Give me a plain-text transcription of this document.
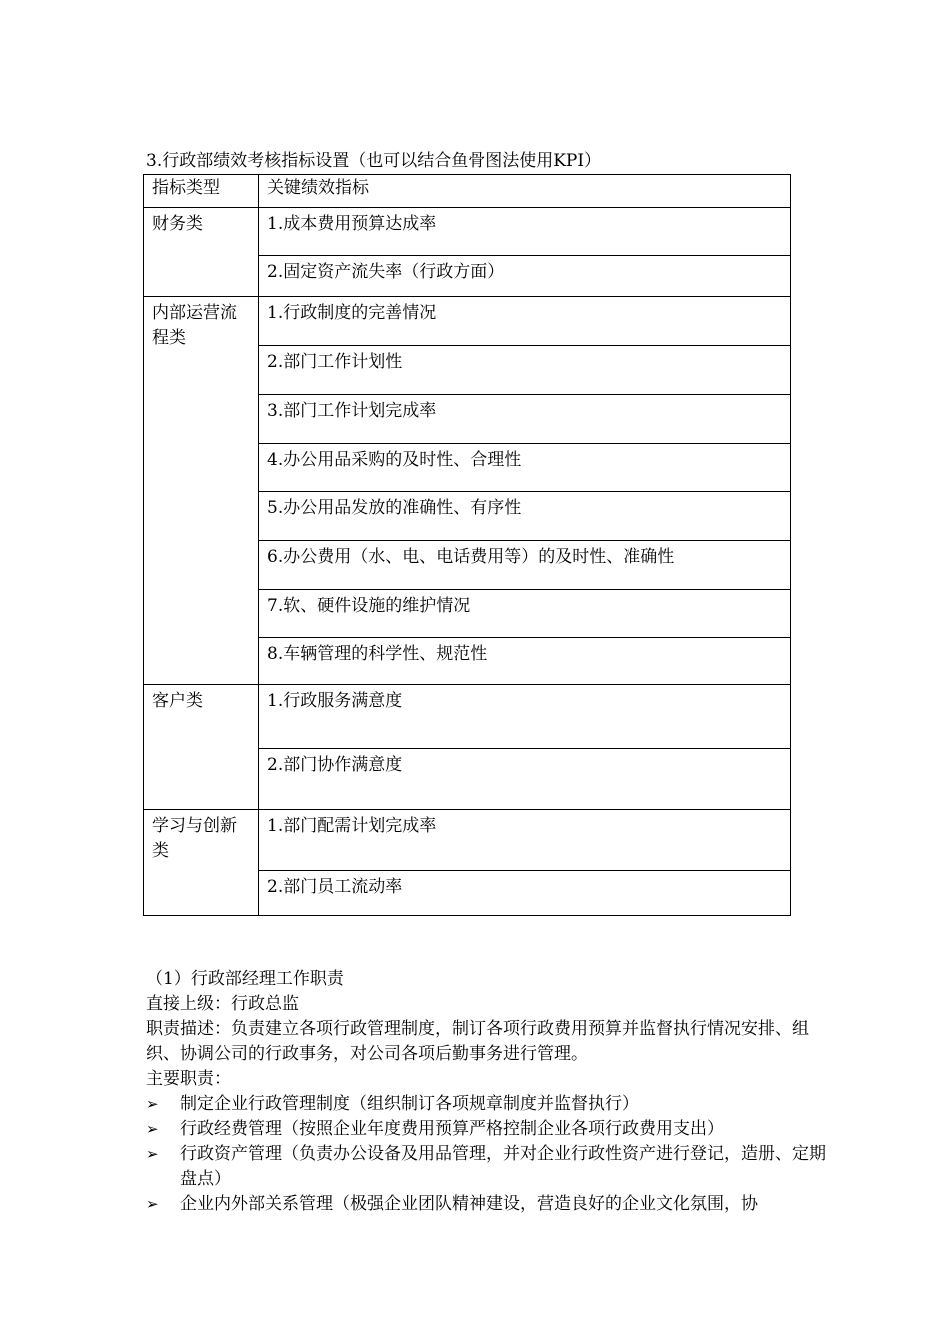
3.行政部绩效考核指标设置（也可以结合鱼骨图法使用KPI）
指标类型	关键绩效指标
财务类	1.成本费用预算达成率
	2.固定资产流失率（行政方面）
内部运营流程类	1.行政制度的完善情况
	2.部门工作计划性
	3.部门工作计划完成率
	4.办公用品采购的及时性、合理性
	5.办公用品发放的准确性、有序性
	6.办公费用（水、电、电话费用等）的及时性、准确性
	7.软、硬件设施的维护情况
	8.车辆管理的科学性、规范性
客户类	1.行政服务满意度
	2.部门协作满意度
学习与创新类	1.部门配需计划完成率
	2.部门员工流动率

（1）行政部经理工作职责

直接上级：行政总监

职责描述：负责建立各项行政管理制度，制订各项行政费用预算并监督执行情况安排、组织、协调公司的行政事务，对公司各项后勤事务进行管理。

主要职责：

➢ 制定企业行政管理制度（组织制订各项规章制度并监督执行）
➢ 行政经费管理（按照企业年度费用预算严格控制企业各项行政费用支出）
➢ 行政资产管理（负责办公设备及用品管理，并对企业行政性资产进行登记，造册、定期盘点）
➢ 企业内外部关系管理（极强企业团队精神建设，营造良好的企业文化氛围，协
